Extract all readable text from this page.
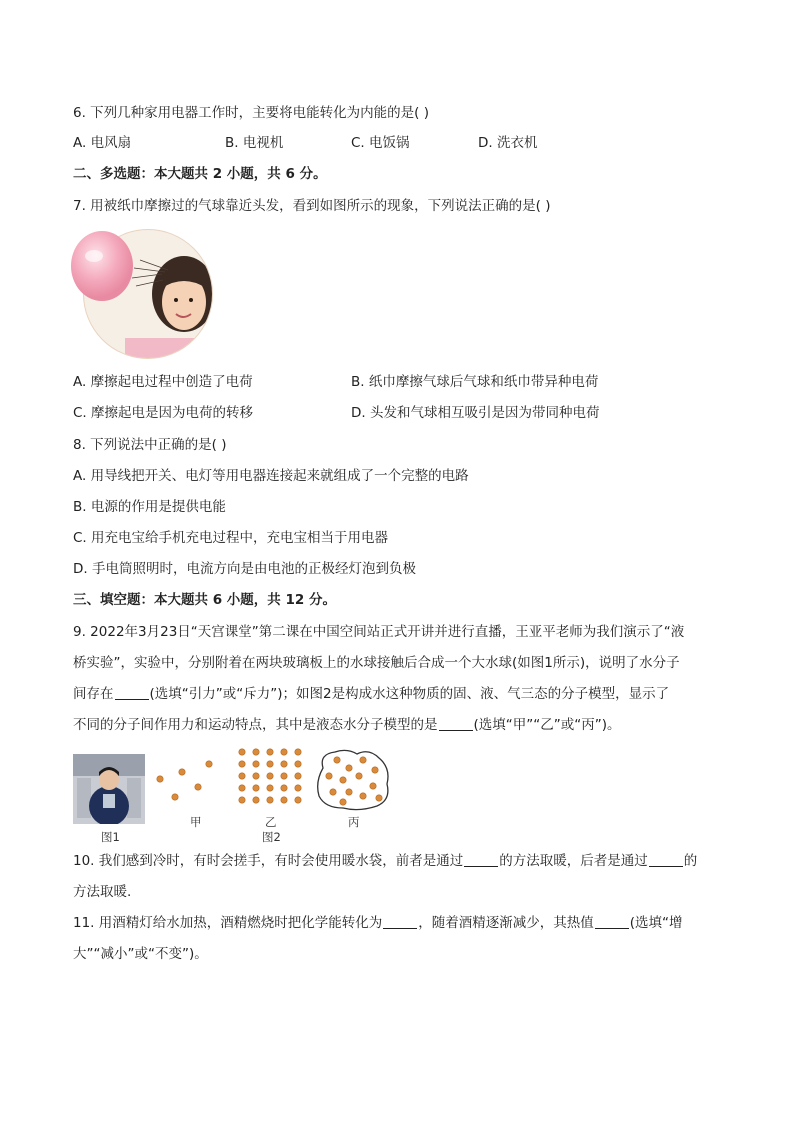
6. 下列几种家用电器工作时，主要将电能转化为内能的是( )
A. 电风扇	B. 电视机	C. 电饭锅	D. 洗衣机
二、多选题：本大题共 2 小题，共 6 分。
7. 用被纸巾摩擦过的气球靠近头发，看到如图所示的现象，下列说法正确的是( )
A. 摩擦起电过程中创造了电荷	B. 纸巾摩擦气球后气球和纸巾带异种电荷
C. 摩擦起电是因为电荷的转移	D. 头发和气球相互吸引是因为带同种电荷
8. 下列说法中正确的是( )
A. 用导线把开关、电灯等用电器连接起来就组成了一个完整的电路
B. 电源的作用是提供电能
C. 用充电宝给手机充电过程中，充电宝相当于用电器
D. 手电筒照明时，电流方向是由电池的正极经灯泡到负极
三、填空题：本大题共 6 小题，共 12 分。
9. 2022年3月23日“天宫课堂”第二课在中国空间站正式开讲并进行直播，王亚平老师为我们演示了“液
桥实验”，实验中，分别附着在两块玻璃板上的水球接触后合成一个大水球(如图1所示)，说明了水分子
间存在	(选填“引力”或“斥力”)；如图2是构成水这种物质的固、液、气三态的分子模型，显示了
不同的分子间作用力和运动特点，其中是液态水分子模型的是	(选填“甲”“乙”或“丙”)。
图1
甲	乙
图2
丙
10. 我们感到冷时，有时会搓手，有时会使用暖水袋，前者是通过	的方法取暖，后者是通过	的
方法取暖.
11. 用酒精灯给水加热，酒精燃烧时把化学能转化为	，随着酒精逐渐减少，其热值	(选填“增
大”“减小”或“不变”)。
